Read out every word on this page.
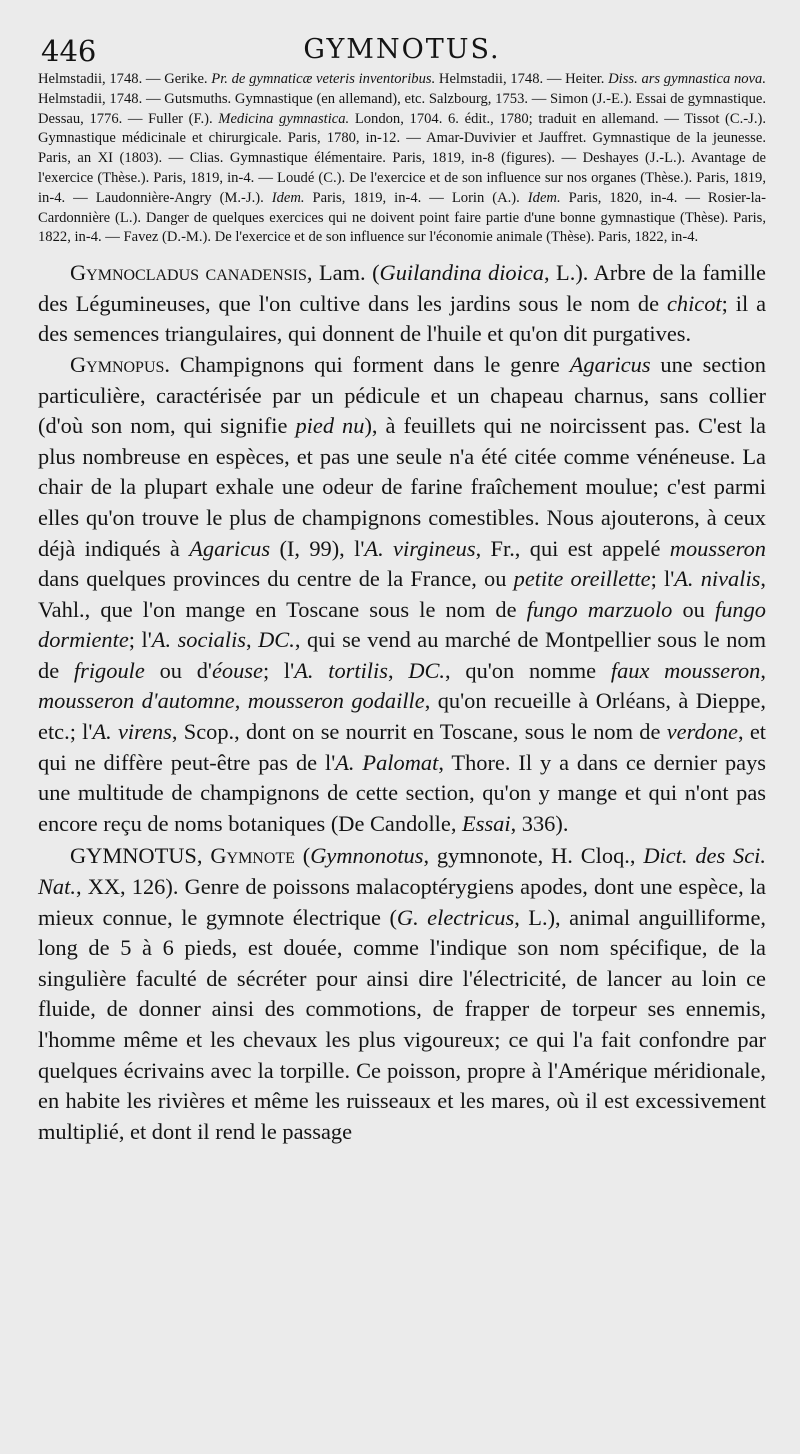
446	GYMNOTUS.

Helmstadii, 1748. — Gerike. Pr. de gymnaticæ veteris inventoribus. Helmstadii, 1748. — Heiter. Diss. ars gymnastica nova. Helmstadii, 1748. — Gutsmuths. Gymnastique (en allemand), etc. Salzbourg, 1753. — Simon (J.-E.). Essai de gymnastique. Dessau, 1776. — Fuller (F.). Medicina gymnastica. London, 1704. 6. édit., 1780; traduit en allemand. — Tissot (C.-J.). Gymnastique médicinale et chirurgicale. Paris, 1780, in-12. — Amar-Duvivier et Jauffret. Gymnastique de la jeunesse. Paris, an XI (1803). — Clias. Gymnastique élémentaire. Paris, 1819, in-8 (figures). — Deshayes (J.-L.). Avantage de l'exercice (Thèse.). Paris, 1819, in-4. — Loudé (C.). De l'exercice et de son influence sur nos organes (Thèse.). Paris, 1819, in-4. — Laudonnière-Angry (M.-J.). Idem. Paris, 1819, in-4. — Lorin (A.). Idem. Paris, 1820, in-4. — Rosier-la-Cardonnière (L.). Danger de quelques exercices qui ne doivent point faire partie d'une bonne gymnastique (Thèse). Paris, 1822, in-4. — Favez (D.-M.). De l'exercice et de son influence sur l'économie animale (Thèse). Paris, 1822, in-4.

Gymnocladus canadensis, Lam. (Guilandina dioica, L.). Arbre de la famille des Légumineuses, que l'on cultive dans les jardins sous le nom de chicot; il a des semences triangulaires, qui donnent de l'huile et qu'on dit purgatives.

Gymnopus. Champignons qui forment dans le genre Agaricus une section particulière, caractérisée par un pédicule et un chapeau charnus, sans collier (d'où son nom, qui signifie pied nu), à feuillets qui ne noircissent pas. C'est la plus nombreuse en espèces, et pas une seule n'a été citée comme vénéneuse. La chair de la plupart exhale une odeur de farine fraîchement moulue; c'est parmi elles qu'on trouve le plus de champignons comestibles. Nous ajouterons, à ceux déjà indiqués à Agaricus (I, 99), l'A. virgineus, Fr., qui est appelé mousseron dans quelques provinces du centre de la France, ou petite oreillette; l'A. nivalis, Vahl., que l'on mange en Toscane sous le nom de fungo marzuolo ou fungo dormiente; l'A. socialis, DC., qui se vend au marché de Montpellier sous le nom de frigoule ou d'éouse; l'A. tortilis, DC., qu'on nomme faux mousseron, mousseron d'automne, mousseron godaille, qu'on recueille à Orléans, à Dieppe, etc.; l'A. virens, Scop., dont on se nourrit en Toscane, sous le nom de verdone, et qui ne diffère peut-être pas de l'A. Palomat, Thore. Il y a dans ce dernier pays une multitude de champignons de cette section, qu'on y mange et qui n'ont pas encore reçu de noms botaniques (De Candolle, Essai, 336).

GYMNOTUS, Gymnote (Gymnonotus, gymnonote, H. Cloq., Dict. des Sci. Nat., XX, 126). Genre de poissons malacoptérygiens apodes, dont une espèce, la mieux connue, le gymnote électrique (G. electricus, L.), animal anguilliforme, long de 5 à 6 pieds, est douée, comme l'indique son nom spécifique, de la singulière faculté de sécréter pour ainsi dire l'électricité, de lancer au loin ce fluide, de donner ainsi des commotions, de frapper de torpeur ses ennemis, l'homme même et les chevaux les plus vigoureux; ce qui l'a fait confondre par quelques écrivains avec la torpille. Ce poisson, propre à l'Amérique méridionale, en habite les rivières et même les ruisseaux et les mares, où il est excessivement multiplié, et dont il rend le passage
